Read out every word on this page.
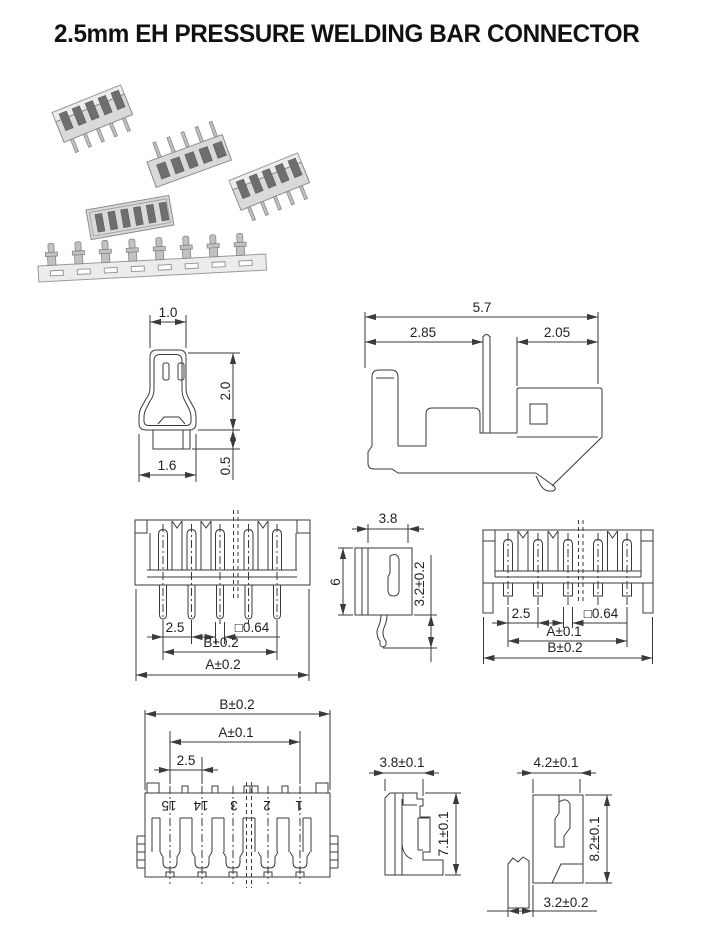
2.5mm EH PRESSURE WELDING BAR CONNECTOR
1.0
2.0
0.5
1.6
5.7
2.85	2.05
2.5	□0.64
B±0.2
A±0.2
3.8
6	3.2±0.2
2.5	□0.64
A±0.1
B±0.2
15 14 3 2 1
B±0.2
A±0.1
2.5	3.8±0.1
7.1±0.1
4.2±0.1
8.2±0.1
3.2±0.2
